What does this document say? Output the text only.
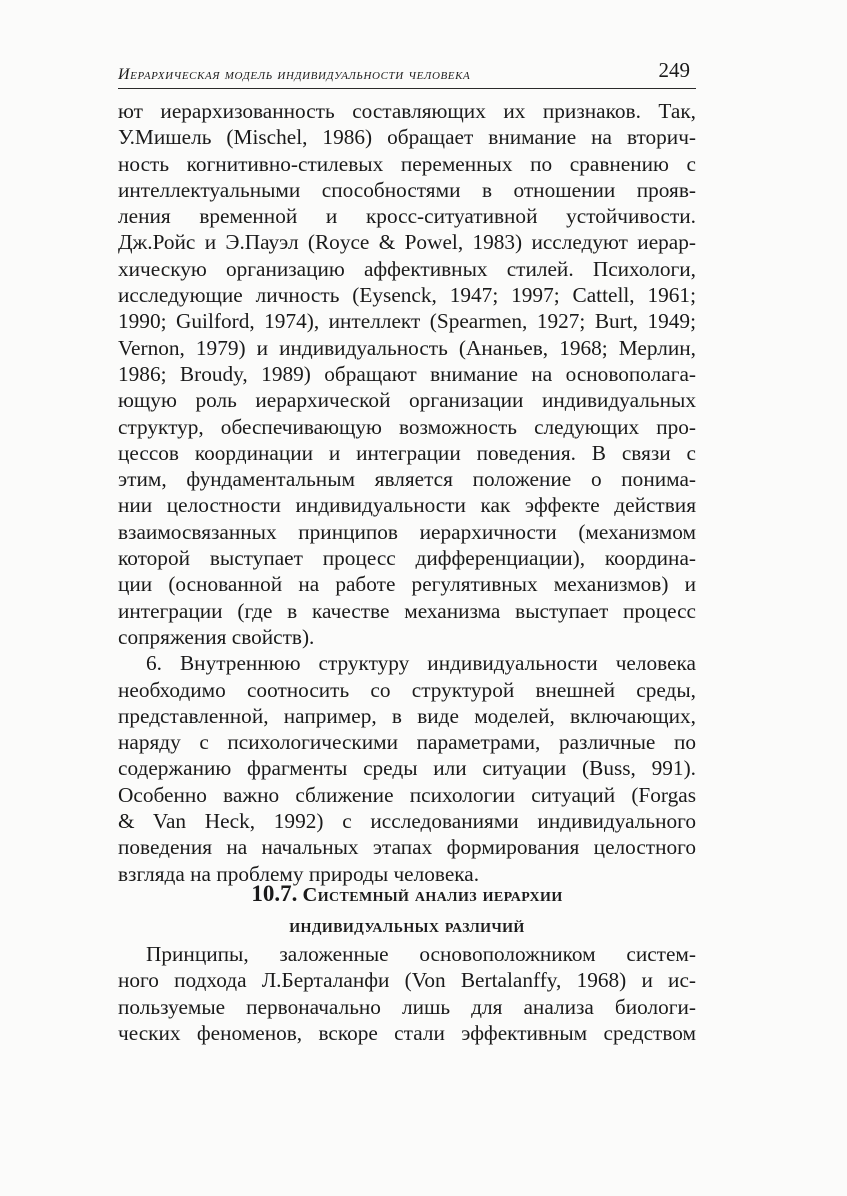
Иерархическая модель индивидуальности человека	249
ют иерархизованность составляющих их признаков. Так,
У.Мишель (Mischel, 1986) обращает внимание на вторич-
ность когнитивно-стилевых переменных по сравнению с
интеллектуальными способностями в отношении прояв-
ления временной и кросс-ситуативной устойчивости.
Дж.Ройс и Э.Пауэл (Royce & Powel, 1983) исследуют иерар-
хическую организацию аффективных стилей. Психологи,
исследующие личность (Eysenck, 1947; 1997; Cattell, 1961;
1990; Guilford, 1974), интеллект (Spearmen, 1927; Burt, 1949;
Vernon, 1979) и индивидуальность (Ананьев, 1968; Мерлин,
1986; Broudy, 1989) обращают внимание на основополага-
ющую роль иерархической организации индивидуальных
структур, обеспечивающую возможность следующих про-
цессов координации и интеграции поведения. В связи с
этим, фундаментальным является положение о понима-
нии целостности индивидуальности как эффекте действия
взаимосвязанных принципов иерархичности (механизмом
которой выступает процесс дифференциации), координа-
ции (основанной на работе регулятивных механизмов) и
интеграции (где в качестве механизма выступает процесс
сопряжения свойств).
6. Внутреннюю структуру индивидуальности человека
необходимо соотносить со структурой внешней среды,
представленной, например, в виде моделей, включающих,
наряду с психологическими параметрами, различные по
содержанию фрагменты среды или ситуации (Buss, 991).
Особенно важно сближение психологии ситуаций (Forgas
& Van Heck, 1992) с исследованиями индивидуального
поведения на начальных этапах формирования целостного
взгляда на проблему природы человека.
10.7. Системный анализ иерархии
индивидуальных различий
Принципы, заложенные основоположником систем-
ного подхода Л.Берталанфи (Von Bertalanffy, 1968) и ис-
пользуемые первоначально лишь для анализа биологи-
ческих феноменов, вскоре стали эффективным средством
